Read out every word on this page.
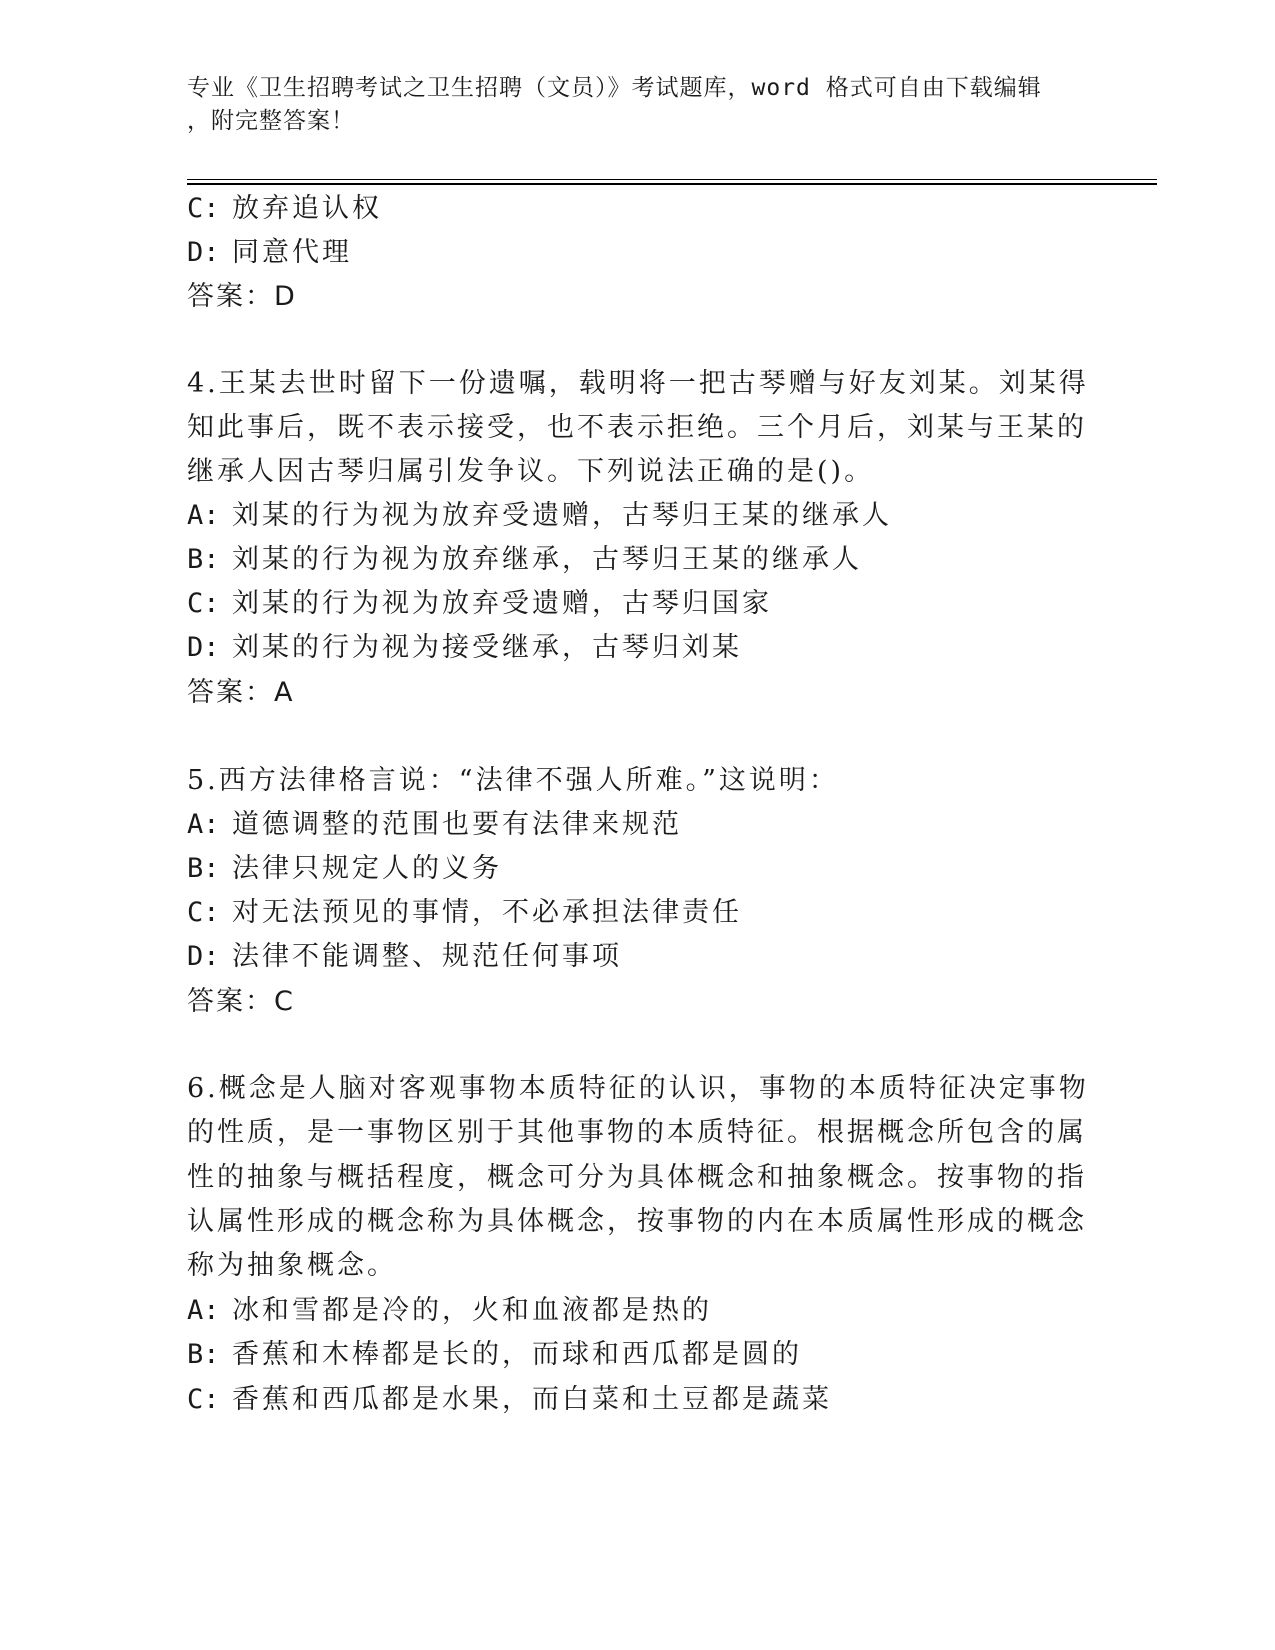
专业《卫生招聘考试之卫生招聘（文员）》考试题库，word 格式可自由下载编辑
，附完整答案！
C: 放弃追认权
D: 同意代理
答案：D
4.王某去世时留下一份遗嘱，载明将一把古琴赠与好友刘某。刘某得
知此事后，既不表示接受，也不表示拒绝。三个月后，刘某与王某的
继承人因古琴归属引发争议。下列说法正确的是()。
A: 刘某的行为视为放弃受遗赠，古琴归王某的继承人
B: 刘某的行为视为放弃继承，古琴归王某的继承人
C: 刘某的行为视为放弃受遗赠，古琴归国家
D: 刘某的行为视为接受继承，古琴归刘某
答案：A
5.西方法律格言说：“法律不强人所难。”这说明：
A: 道德调整的范围也要有法律来规范
B: 法律只规定人的义务
C: 对无法预见的事情，不必承担法律责任
D: 法律不能调整、规范任何事项
答案：C
6.概念是人脑对客观事物本质特征的认识，事物的本质特征决定事物
的性质，是一事物区别于其他事物的本质特征。根据概念所包含的属
性的抽象与概括程度，概念可分为具体概念和抽象概念。按事物的指
认属性形成的概念称为具体概念，按事物的内在本质属性形成的概念
称为抽象概念。
A: 冰和雪都是冷的，火和血液都是热的
B: 香蕉和木棒都是长的，而球和西瓜都是圆的
C: 香蕉和西瓜都是水果，而白菜和土豆都是蔬菜
